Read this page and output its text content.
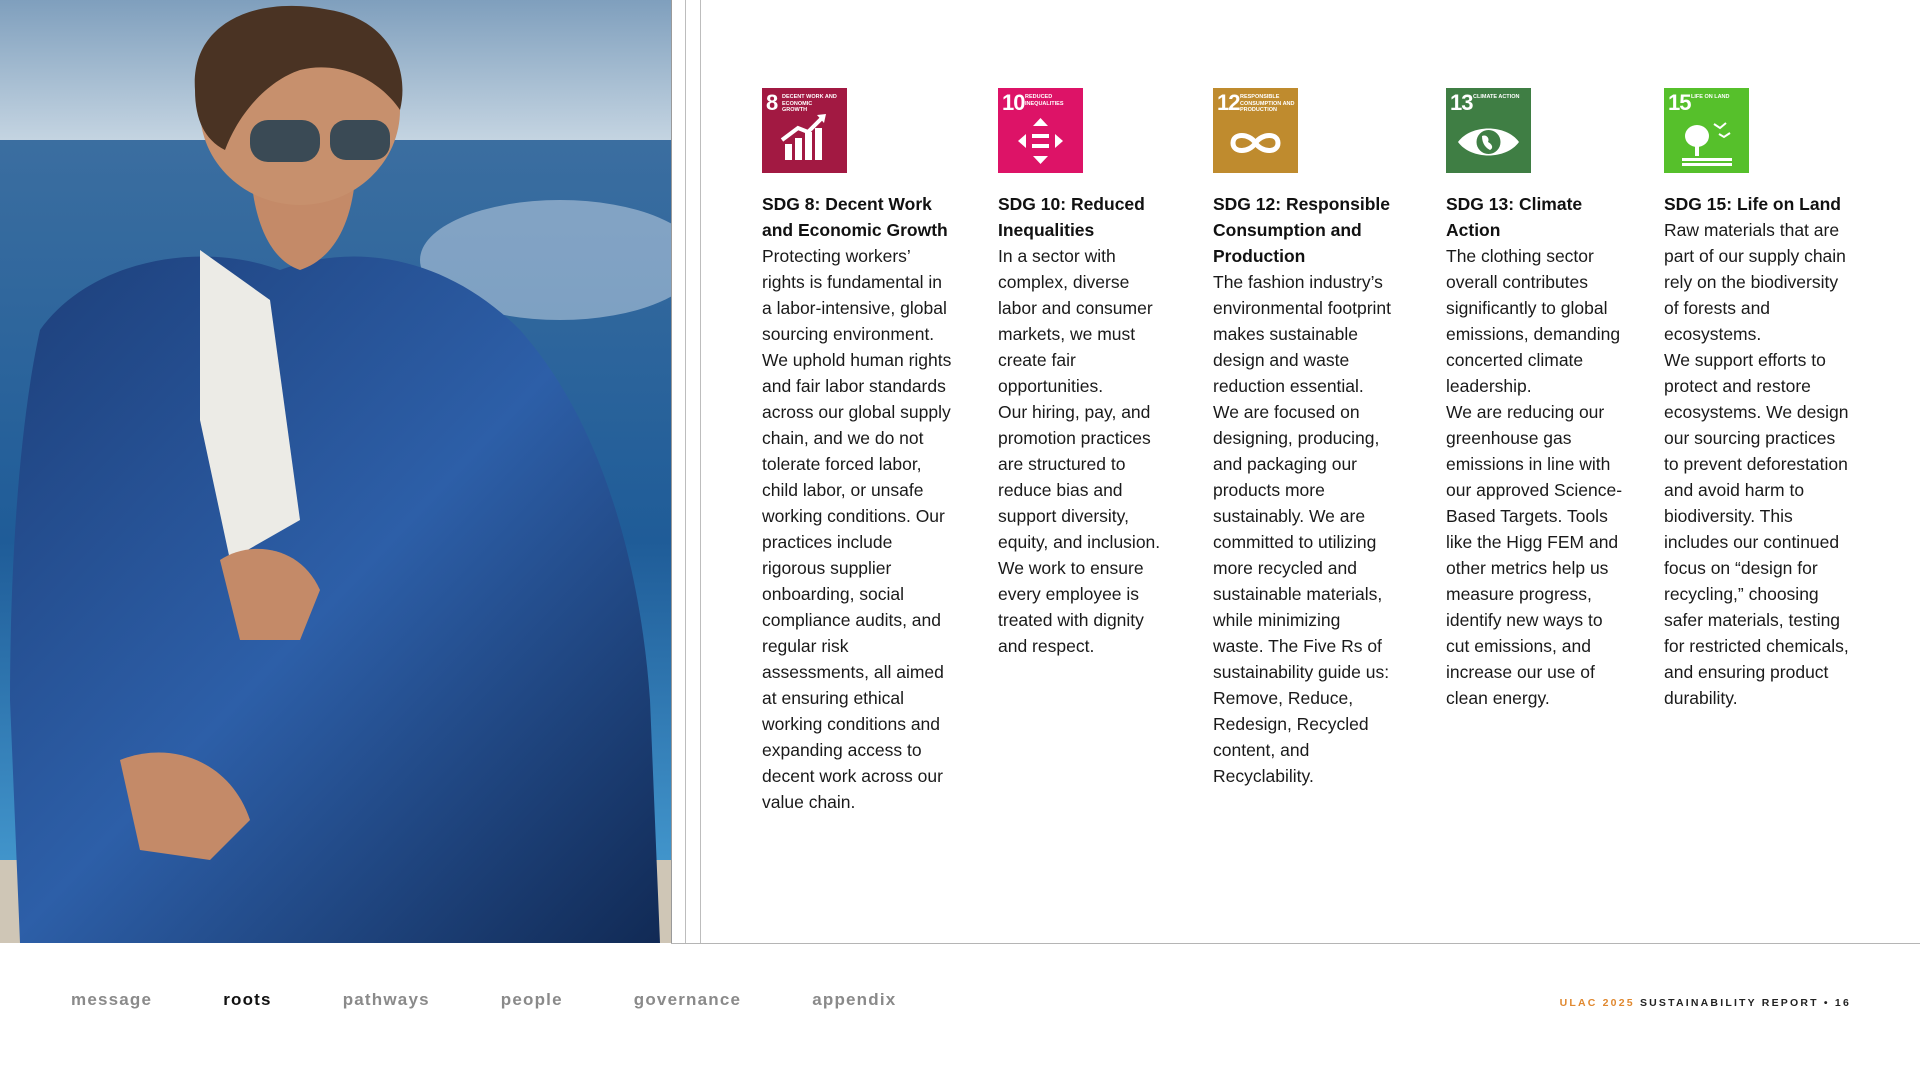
8 DECENT WORK AND ECONOMIC GROWTH
SDG 8: Decent Work and Economic Growth
Protecting workers’ rights is fundamental in a labor-intensive, global sourcing environment.
We uphold human rights and fair labor standards across our global supply chain, and we do not tolerate forced labor, child labor, or unsafe working conditions. Our practices include rigorous supplier onboarding, social compliance audits, and regular risk assessments, all aimed at ensuring ethical working conditions and expanding access to decent work across our value chain.
10 REDUCED INEQUALITIES
SDG 10: Reduced Inequalities
In a sector with complex, diverse labor and consumer markets, we must create fair opportunities.
Our hiring, pay, and promotion practices are structured to reduce bias and support diversity, equity, and inclusion. We work to ensure every employee is treated with dignity and respect.
12 RESPONSIBLE CONSUMPTION AND PRODUCTION
SDG 12: Responsible Consumption and Production
The fashion industry’s environmental footprint makes sustainable design and waste reduction essential.
We are focused on designing, producing, and packaging our products more sustainably. We are committed to utilizing more recycled and sustainable materials, while minimizing waste. The Five Rs of sustainability guide us: Remove, Reduce, Redesign, Recycled content, and Recyclability.
13 CLIMATE ACTION
SDG 13: Climate Action
The clothing sector overall contributes significantly to global emissions, demanding concerted climate leadership.
We are reducing our greenhouse gas emissions in line with our approved Science-Based Targets. Tools like the Higg FEM and other metrics help us measure progress, identify new ways to cut emissions, and increase our use of clean energy.
15 LIFE ON LAND
SDG 15: Life on Land
Raw materials that are part of our supply chain rely on the biodiversity of forests and ecosystems.
We support efforts to protect and restore ecosystems. We design our sourcing practices to prevent deforestation and avoid harm to biodiversity. This includes our continued focus on “design for recycling,” choosing safer materials, testing for restricted chemicals, and ensuring product durability.
message	roots	pathways	people	governance	appendix	ULAC 2025 SUSTAINABILITY REPORT • 16
